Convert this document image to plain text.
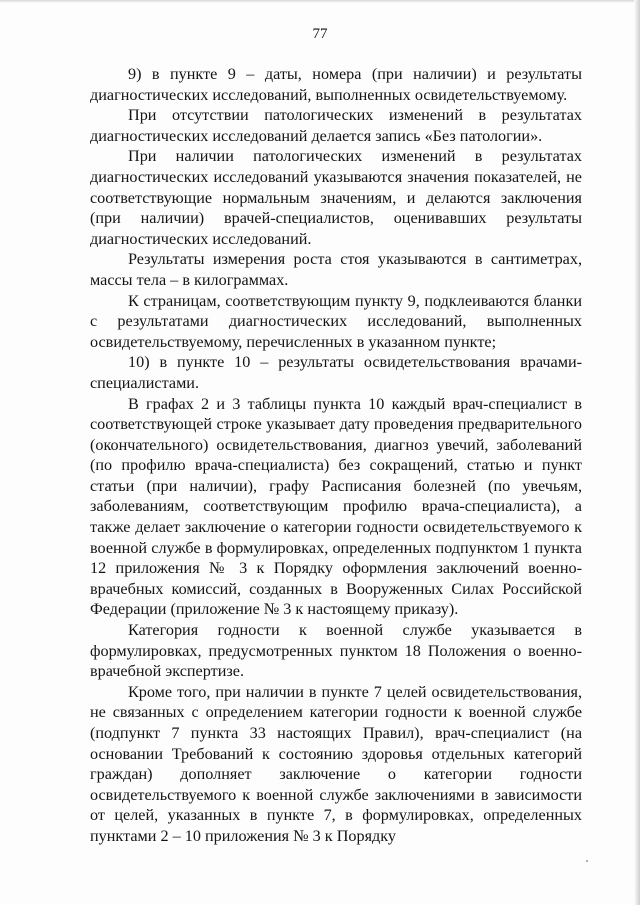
77

9) в пункте 9 – даты, номера (при наличии) и результаты диагностических исследований, выполненных освидетельствуемому.

При отсутствии патологических изменений в результатах диагностических исследований делается запись «Без патологии».

При наличии патологических изменений в результатах диагностических исследований указываются значения показателей, не соответствующие нормальным значениям, и делаются заключения (при наличии) врачей-специалистов, оценивавших результаты диагностических исследований.

Результаты измерения роста стоя указываются в сантиметрах, массы тела – в килограммах.

К страницам, соответствующим пункту 9, подклеиваются бланки с результатами диагностических исследований, выполненных освидетельствуемому, перечисленных в указанном пункте;

10) в пункте 10 – результаты освидетельствования врачами-специалистами.

В графах 2 и 3 таблицы пункта 10 каждый врач-специалист в соответствующей строке указывает дату проведения предварительного (окончательного) освидетельствования, диагноз увечий, заболеваний (по профилю врача-специалиста) без сокращений, статью и пункт статьи (при наличии), графу Расписания болезней (по увечьям, заболеваниям, соответствующим профилю врача-специалиста), а также делает заключение о категории годности освидетельствуемого к военной службе в формулировках, определенных подпунктом 1 пункта 12 приложения № 3 к Порядку оформления заключений военно-врачебных комиссий, созданных в Вооруженных Силах Российской Федерации (приложение № 3 к настоящему приказу).

Категория годности к военной службе указывается в формулировках, предусмотренных пунктом 18 Положения о военно-врачебной экспертизе.

Кроме того, при наличии в пункте 7 целей освидетельствования, не связанных с определением категории годности к военной службе (подпункт 7 пункта 33 настоящих Правил), врач-специалист (на основании Требований к состоянию здоровья отдельных категорий граждан) дополняет заключение о категории годности освидетельствуемого к военной службе заключениями в зависимости от целей, указанных в пункте 7, в формулировках, определенных пунктами 2 – 10 приложения № 3 к Порядку
